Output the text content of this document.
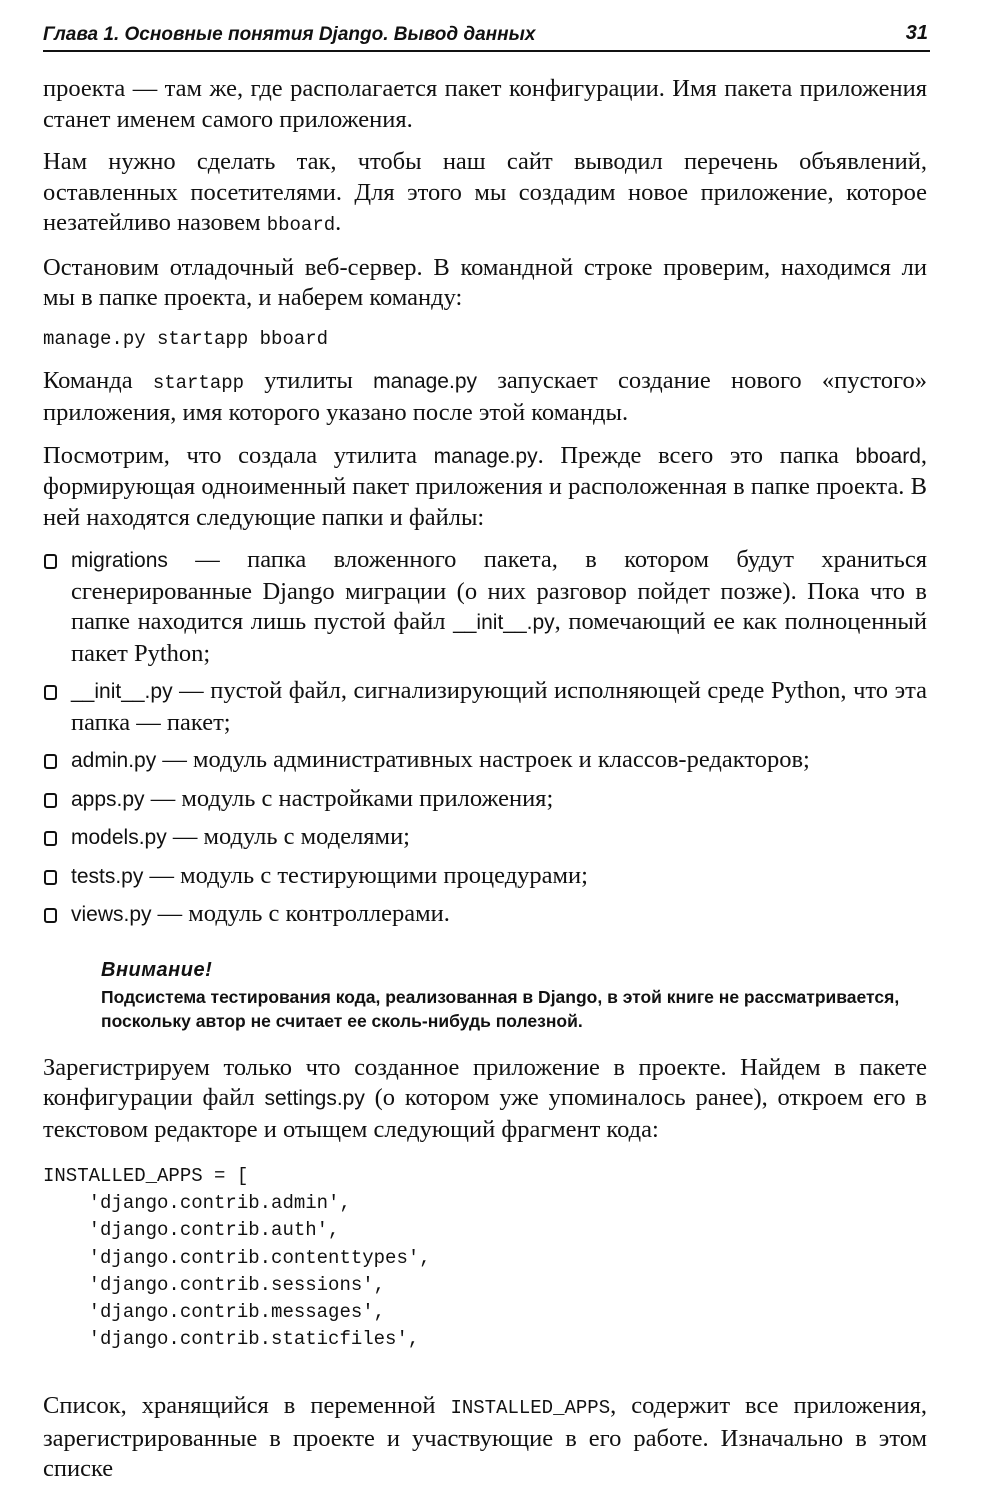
Глава 1. Основные понятия Django. Вывод данных	31

проекта — там же, где располагается пакет конфигурации. Имя пакета приложения станет именем самого приложения.

Нам нужно сделать так, чтобы наш сайт выводил перечень объявлений, оставленных посетителями. Для этого мы создадим новое приложение, которое незатейливо назовем bboard.

Остановим отладочный веб-сервер. В командной строке проверим, находимся ли мы в папке проекта, и наберем команду:

manage.py startapp bboard

Команда startapp утилиты manage.py запускает создание нового «пустого» приложения, имя которого указано после этой команды.

Посмотрим, что создала утилита manage.py. Прежде всего это папка bboard, формирующая одноименный пакет приложения и расположенная в папке проекта. В ней находятся следующие папки и файлы:

migrations — папка вложенного пакета, в котором будут храниться сгенерированные Django миграции (о них разговор пойдет позже). Пока что в папке находится лишь пустой файл __init__.py, помечающий ее как полноценный пакет Python;
__init__.py — пустой файл, сигнализирующий исполняющей среде Python, что эта папка — пакет;
admin.py — модуль административных настроек и классов-редакторов;
apps.py — модуль с настройками приложения;
models.py — модуль с моделями;
tests.py — модуль с тестирующими процедурами;
views.py — модуль с контроллерами.
Внимание!
Подсистема тестирования кода, реализованная в Django, в этой книге не рассматривается, поскольку автор не считает ее сколь-нибудь полезной.

Зарегистрируем только что созданное приложение в проекте. Найдем в пакете конфигурации файл settings.py (о котором уже упоминалось ранее), откроем его в текстовом редакторе и отыщем следующий фрагмент кода:

INSTALLED_APPS = [
'django.contrib.admin',
'django.contrib.auth',
'django.contrib.contenttypes',
'django.contrib.sessions',
'django.contrib.messages',
'django.contrib.staticfiles',

Список, хранящийся в переменной INSTALLED_APPS, содержит все приложения, зарегистрированные в проекте и участвующие в его работе. Изначально в этом списке
